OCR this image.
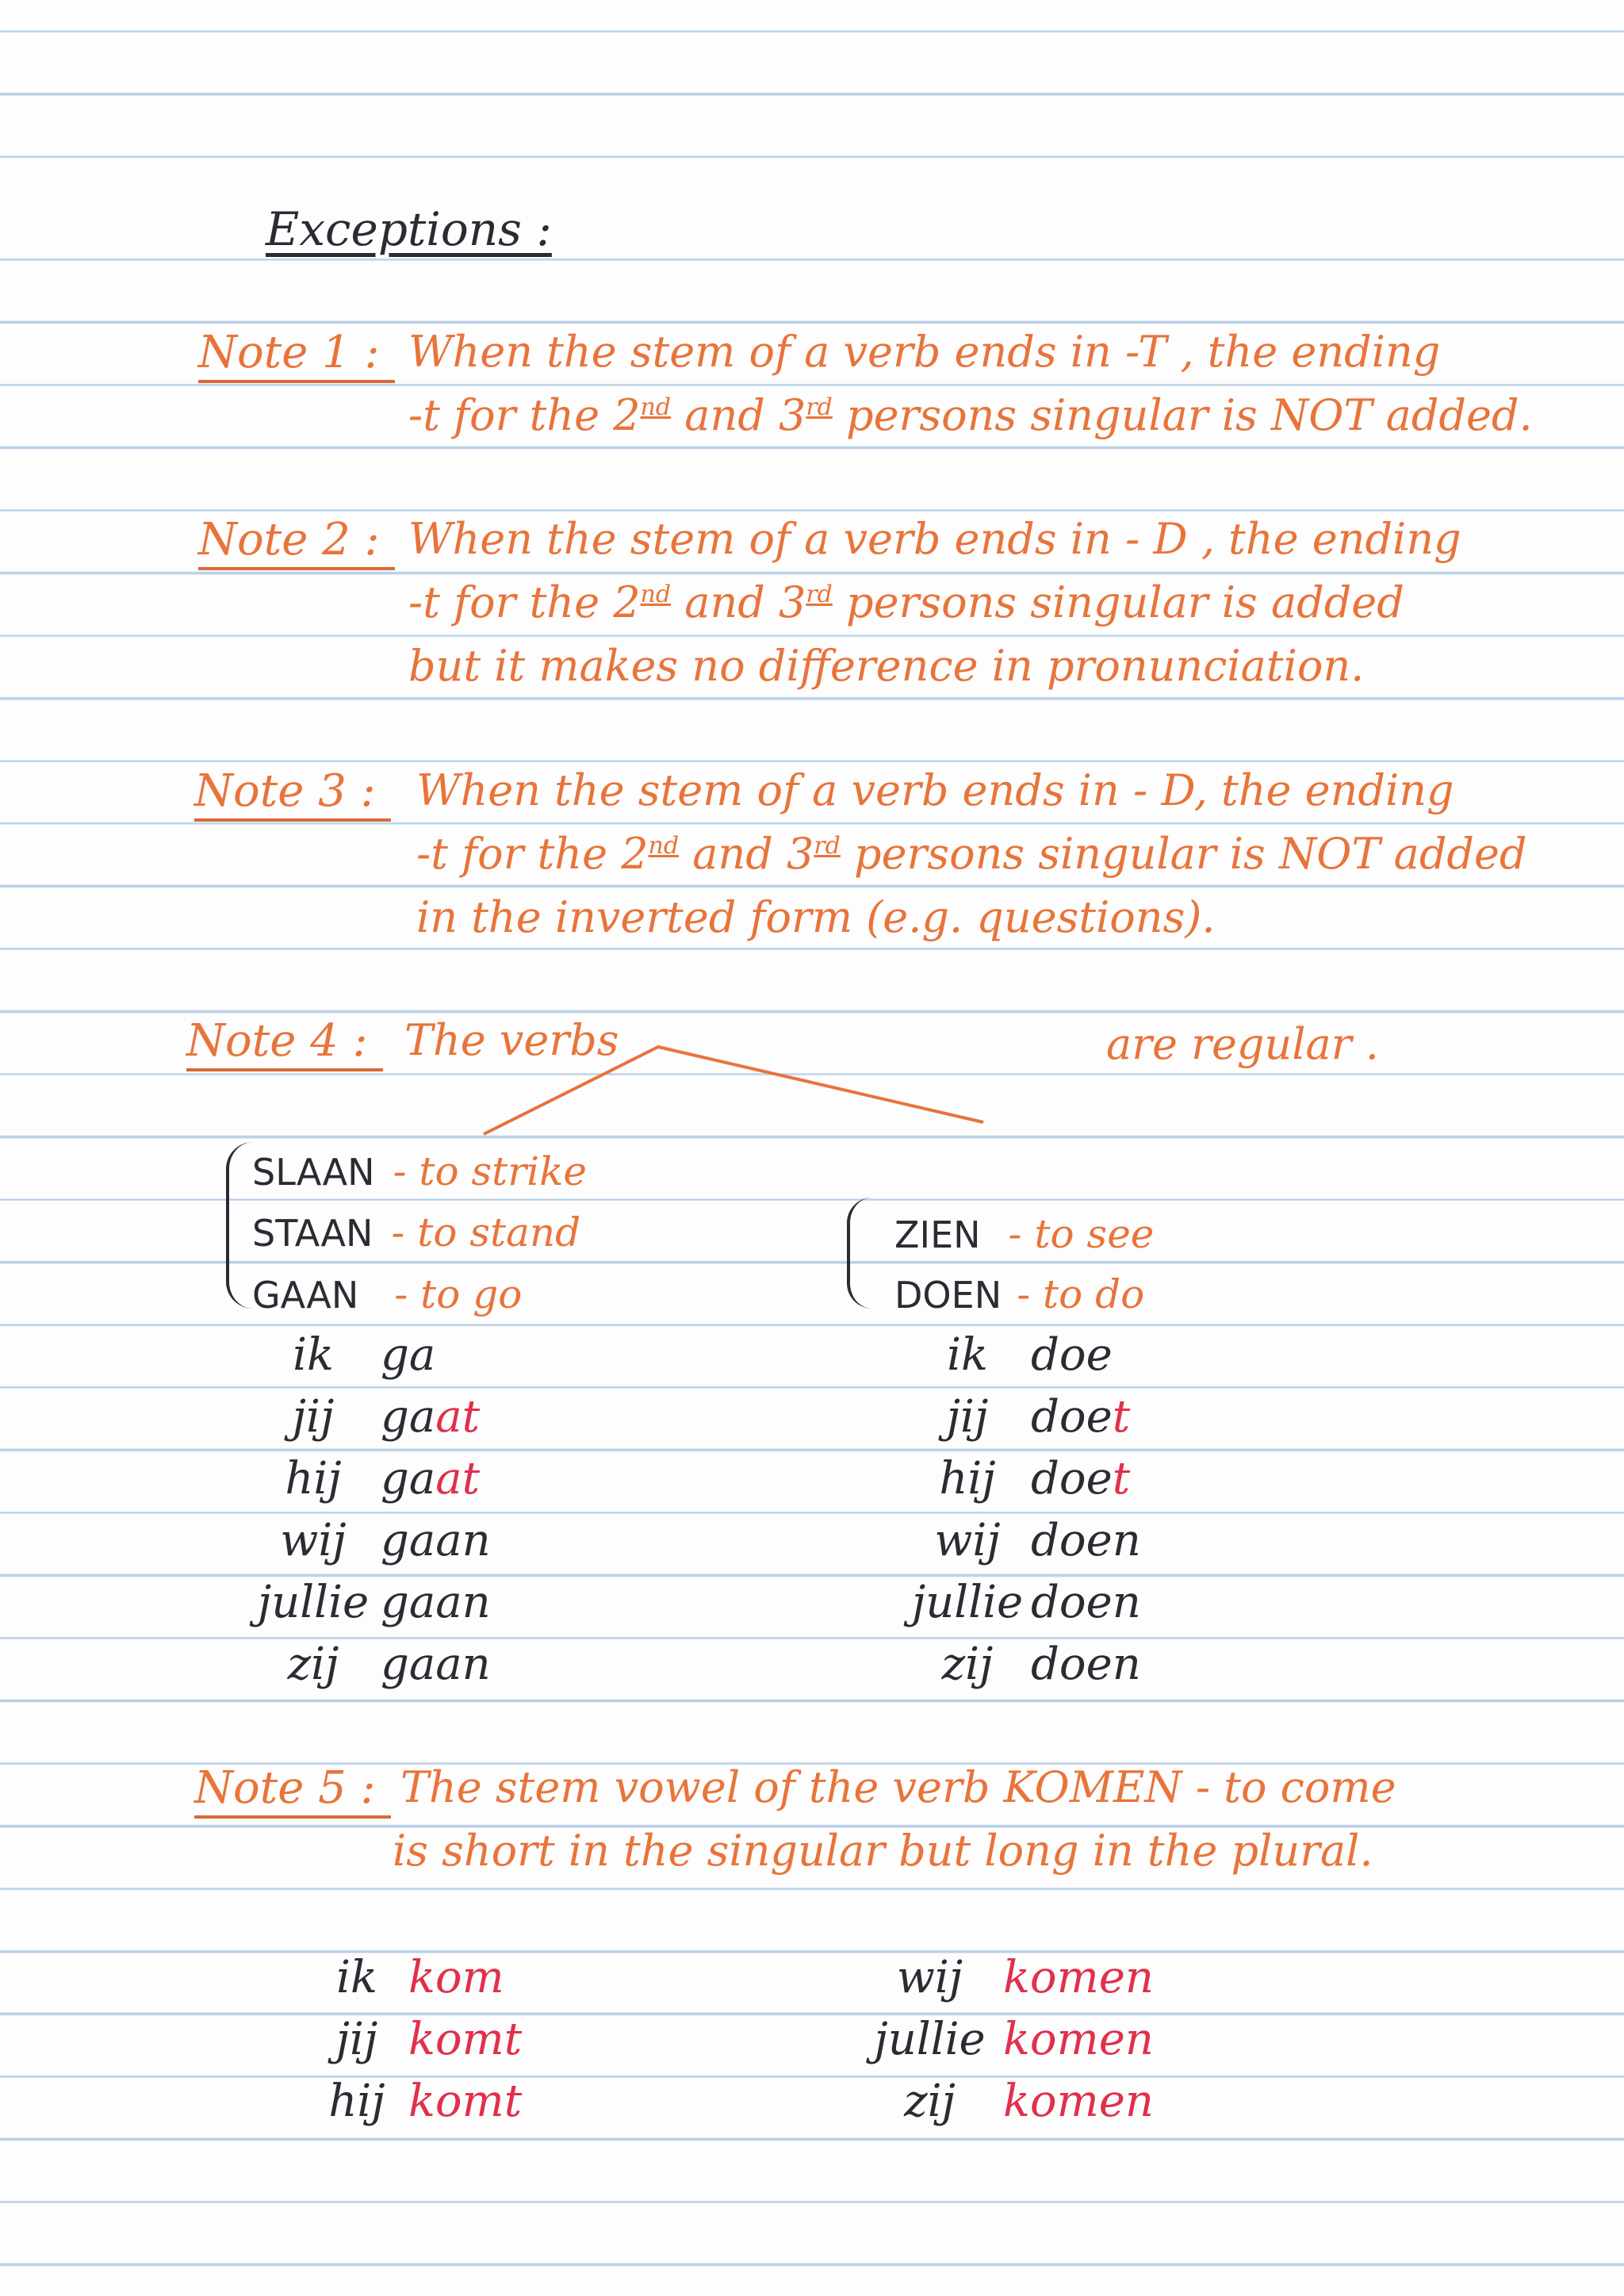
Exceptions :
Note 1 : When the stem of a verb ends in -T , the ending
-t for the 2nd and 3rd persons singular is NOT added.
Note 2 : When the stem of a verb ends in - D , the ending
-t for the 2nd and 3rd persons singular is added
but it makes no difference in pronunciation.
Note 3 : When the stem of a verb ends in - D, the ending
-t for the 2nd and 3rd persons singular is NOT added
in the inverted form (e.g. questions).
Note 4 : The verbs	are regular .
SLAAN - to strike
STAAN - to stand
GAAN - to go
ZIEN - to see
DOEN - to do
ik ga
jij gaat
hij gaat
wij gaan
jullie gaan
zij gaan
ik doe
jij doet
hij doet
wij doen
jullie doen
zij doen
Note 5 : The stem vowel of the verb KOMEN - to come
is short in the singular but long in the plural.
ik kom
jij komt
hij komt
wij komen
jullie komen
zij komen
